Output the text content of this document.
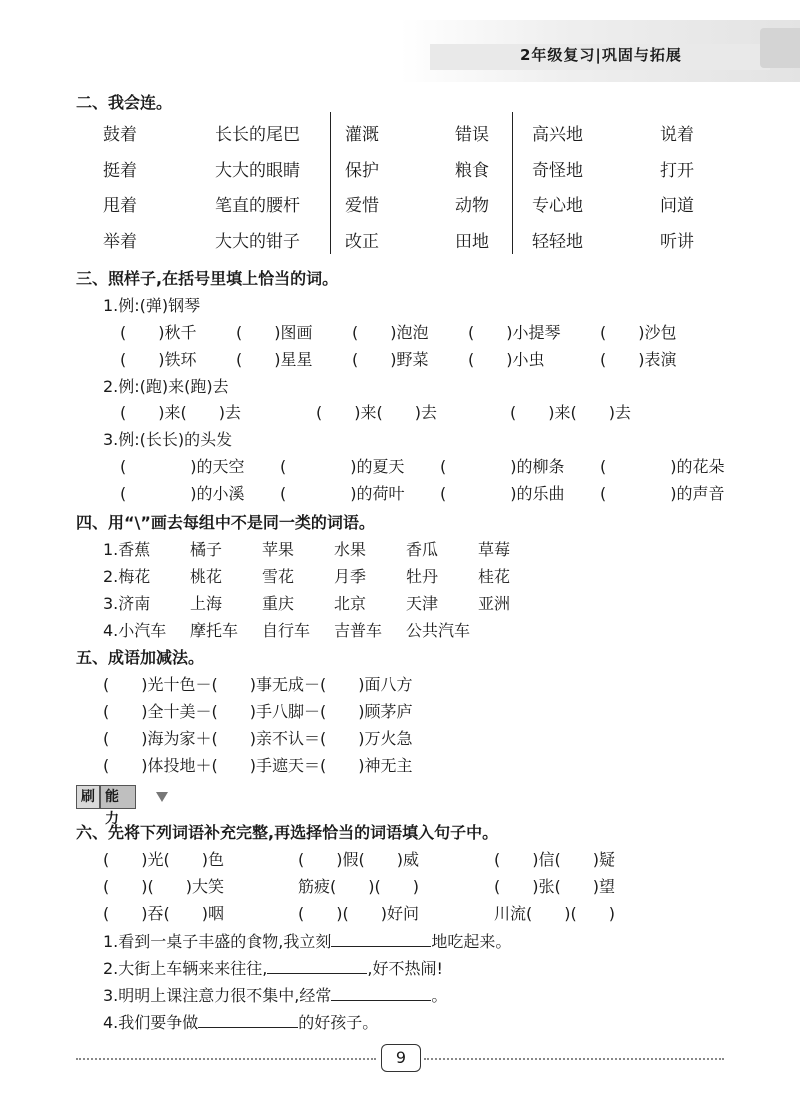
2年级复习|巩固与拓展
二、我会连。
鼓着	长长的尾巴	灌溉	错误	高兴地	说着
挺着	大大的眼睛	保护	粮食	奇怪地	打开
甩着	笔直的腰杆	爱惜	动物	专心地	问道
举着	大大的钳子	改正	田地	轻轻地	听讲
三、照样子,在括号里填上恰当的词。
1.例:(弹)钢琴
(　　)秋千 (　　)图画 (　　)泡泡 (　　)小提琴 (　　)沙包
(　　)铁环 (　　)星星 (　　)野菜 (　　)小虫	(　　)表演
2.例:(跑)来(跑)去
(　　)来(　　)去	(　　)来(　　)去	(　　)来(　　)去
3.例:(长长)的头发
(　　　　)的天空 (　　　　)的夏天 (　　　　)的柳条 (　　　　)的花朵
(　　　　)的小溪 (　　　　)的荷叶 (　　　　)的乐曲 (　　　　)的声音
四、用“\”画去每组中不是同一类的词语。
1.香蕉 橘子 苹果 水果 香瓜 草莓
2.梅花 桃花 雪花 月季 牡丹 桂花
3.济南 上海 重庆 北京 天津 亚洲
4.小汽车 摩托车 自行车 吉普车 公共汽车
五、成语加减法。
(　　)光十色－(　　)事无成－(　　)面八方
(　　)全十美－(　　)手八脚－(　　)顾茅庐
(　　)海为家＋(　　)亲不认＝(　　)万火急
(　　)体投地＋(　　)手遮天＝(　　)神无主
刷 能力
六、先将下列词语补充完整,再选择恰当的词语填入句子中。
(　　)光(　　)色	(　　)假(　　)威	(　　)信(　　)疑
(　　)(　　)大笑	筋疲(　　)(　　)	(　　)张(　　)望
(　　)吞(　　)咽	(　　)(　　)好问	川流(　　)(　　)
1.看到一桌子丰盛的食物,我立刻	地吃起来。
2.大街上车辆来来往往,	,好不热闹!
3.明明上课注意力很不集中,经常	。
4.我们要争做	的好孩子。
9
